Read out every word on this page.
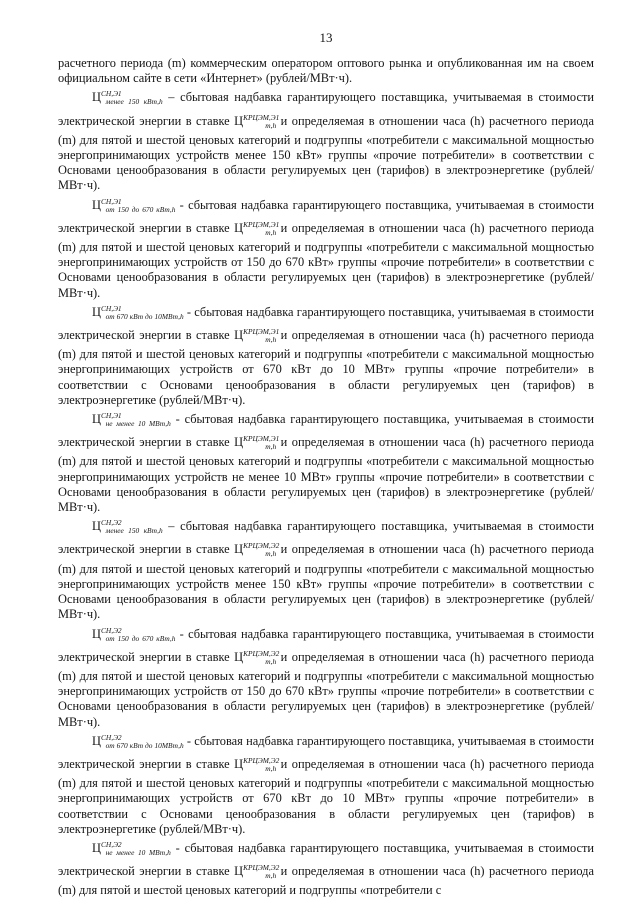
13

расчетного периода (m) коммерческим оператором оптового рынка и опубликованная им на своем официальном сайте в сети «Интернет» (рублей/МВт·ч).

$Ц^{СН,Э1}_{менее 150 кВт,h}$ – сбытовая надбавка гарантирующего поставщика, учитываемая в стоимости электрической энергии в ставке $Ц^{КРЦЭМ,Э1}_{m,h}$ и определяемая в отношении часа (h) расчетного периода (m) для пятой и шестой ценовых категорий и подгруппы «потребители с максимальной мощностью энергопринимающих устройств менее 150 кВт» группы «прочие потребители» в соответствии с Основами ценообразования в области регулируемых цен (тарифов) в электроэнергетике (рублей/МВт·ч).

$Ц^{СН,Э1}_{от 150 до 670 кВт,h}$ - сбытовая надбавка гарантирующего поставщика, учитываемая в стоимости электрической энергии в ставке $Ц^{КРЦЭМ,Э1}_{m,h}$ и определяемая в отношении часа (h) расчетного периода (m) для пятой и шестой ценовых категорий и подгруппы «потребители с максимальной мощностью энергопринимающих устройств от 150 до 670 кВт» группы «прочие потребители» в соответствии с Основами ценообразования в области регулируемых цен (тарифов) в электроэнергетике (рублей/МВт·ч).

$Ц^{СН,Э1}_{от 670 кВт до 10МВт,h}$ - сбытовая надбавка гарантирующего поставщика, учитываемая в стоимости электрической энергии в ставке $Ц^{КРЦЭМ,Э1}_{m,h}$ и определяемая в отношении часа (h) расчетного периода (m) для пятой и шестой ценовых категорий и подгруппы «потребители с максимальной мощностью энергопринимающих устройств от 670 кВт до 10 МВт» группы «прочие потребители» в соответствии с Основами ценообразования в области регулируемых цен (тарифов) в электроэнергетике (рублей/МВт·ч).

$Ц^{СН,Э1}_{не менее 10 МВт,h}$ - сбытовая надбавка гарантирующего поставщика, учитываемая в стоимости электрической энергии в ставке $Ц^{КРЦЭМ,Э1}_{m,h}$ и определяемая в отношении часа (h) расчетного периода (m) для пятой и шестой ценовых категорий и подгруппы «потребители с максимальной мощностью энергопринимающих устройств не менее 10 МВт» группы «прочие потребители» в соответствии с Основами ценообразования в области регулируемых цен (тарифов) в электроэнергетике (рублей/МВт·ч).

$Ц^{СН,Э2}_{менее 150 кВт,h}$ – сбытовая надбавка гарантирующего поставщика, учитываемая в стоимости электрической энергии в ставке $Ц^{КРЦЭМ,Э2}_{m,h}$ и определяемая в отношении часа (h) расчетного периода (m) для пятой и шестой ценовых категорий и подгруппы «потребители с максимальной мощностью энергопринимающих устройств менее 150 кВт» группы «прочие потребители» в соответствии с Основами ценообразования в области регулируемых цен (тарифов) в электроэнергетике (рублей/МВт·ч).

$Ц^{СН,Э2}_{от 150 до 670 кВт,h}$ - сбытовая надбавка гарантирующего поставщика, учитываемая в стоимости электрической энергии в ставке $Ц^{КРЦЭМ,Э2}_{m,h}$ и определяемая в отношении часа (h) расчетного периода (m) для пятой и шестой ценовых категорий и подгруппы «потребители с максимальной мощностью энергопринимающих устройств от 150 до 670 кВт» группы «прочие потребители» в соответствии с Основами ценообразования в области регулируемых цен (тарифов) в электроэнергетике (рублей/МВт·ч).

$Ц^{СН,Э2}_{от 670 кВт до 10МВт,h}$ - сбытовая надбавка гарантирующего поставщика, учитываемая в стоимости электрической энергии в ставке $Ц^{КРЦЭМ,Э2}_{m,h}$ и определяемая в отношении часа (h) расчетного периода (m) для пятой и шестой ценовых категорий и подгруппы «потребители с максимальной мощностью энергопринимающих устройств от 670 кВт до 10 МВт» группы «прочие потребители» в соответствии с Основами ценообразования в области регулируемых цен (тарифов) в электроэнергетике (рублей/МВт·ч).

$Ц^{СН,Э2}_{не менее 10 МВт,h}$ - сбытовая надбавка гарантирующего поставщика, учитываемая в стоимости электрической энергии в ставке $Ц^{КРЦЭМ,Э2}_{m,h}$ и определяемая в отношении часа (h) расчетного периода (m) для пятой и шестой ценовых категорий и подгруппы «потребители с
